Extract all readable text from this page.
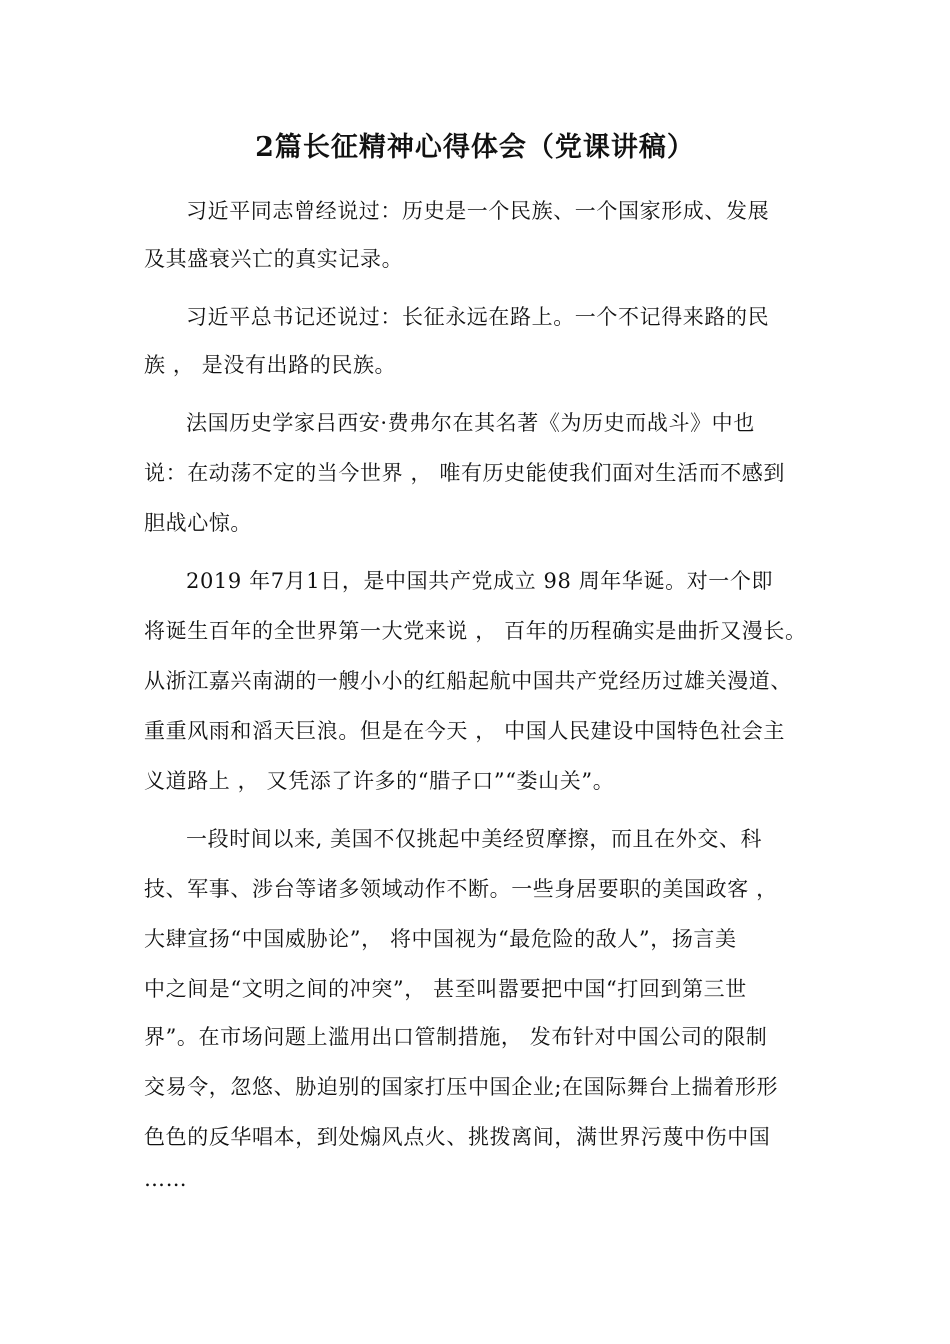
2篇长征精神心得体会（党课讲稿）
习近平同志曾经说过：历史是一个民族、一个国家形成、发展
及其盛衰兴亡的真实记录。
习近平总书记还说过：长征永远在路上。一个不记得来路的民
族 ， 是没有出路的民族。
法国历史学家吕西安·费弗尔在其名著《为历史而战斗》中也
说：在动荡不定的当今世界 ， 唯有历史能使我们面对生活而不感到
胆战心惊。
2019 年7月1日，是中国共产党成立 98 周年华诞。对一个即
将诞生百年的全世界第一大党来说 ， 百年的历程确实是曲折又漫长。
从浙江嘉兴南湖的一艘小小的红船起航中国共产党经历过雄关漫道、
重重风雨和滔天巨浪。但是在今天 ， 中国人民建设中国特色社会主
义道路上 ， 又凭添了许多的“腊子口”“娄山关”。
一段时间以来, 美国不仅挑起中美经贸摩擦，而且在外交、科
技、军事、涉台等诸多领域动作不断。一些身居要职的美国政客 ，
大肆宣扬“中国威胁论”， 将中国视为“最危险的敌人”，扬言美
中之间是“文明之间的冲突”， 甚至叫嚣要把中国“打回到第三世
界”。在市场问题上滥用出口管制措施， 发布针对中国公司的限制
交易令，忽悠、胁迫别的国家打压中国企业;在国际舞台上揣着形形
色色的反华唱本，到处煽风点火、挑拨离间，满世界污蔑中伤中国
……
